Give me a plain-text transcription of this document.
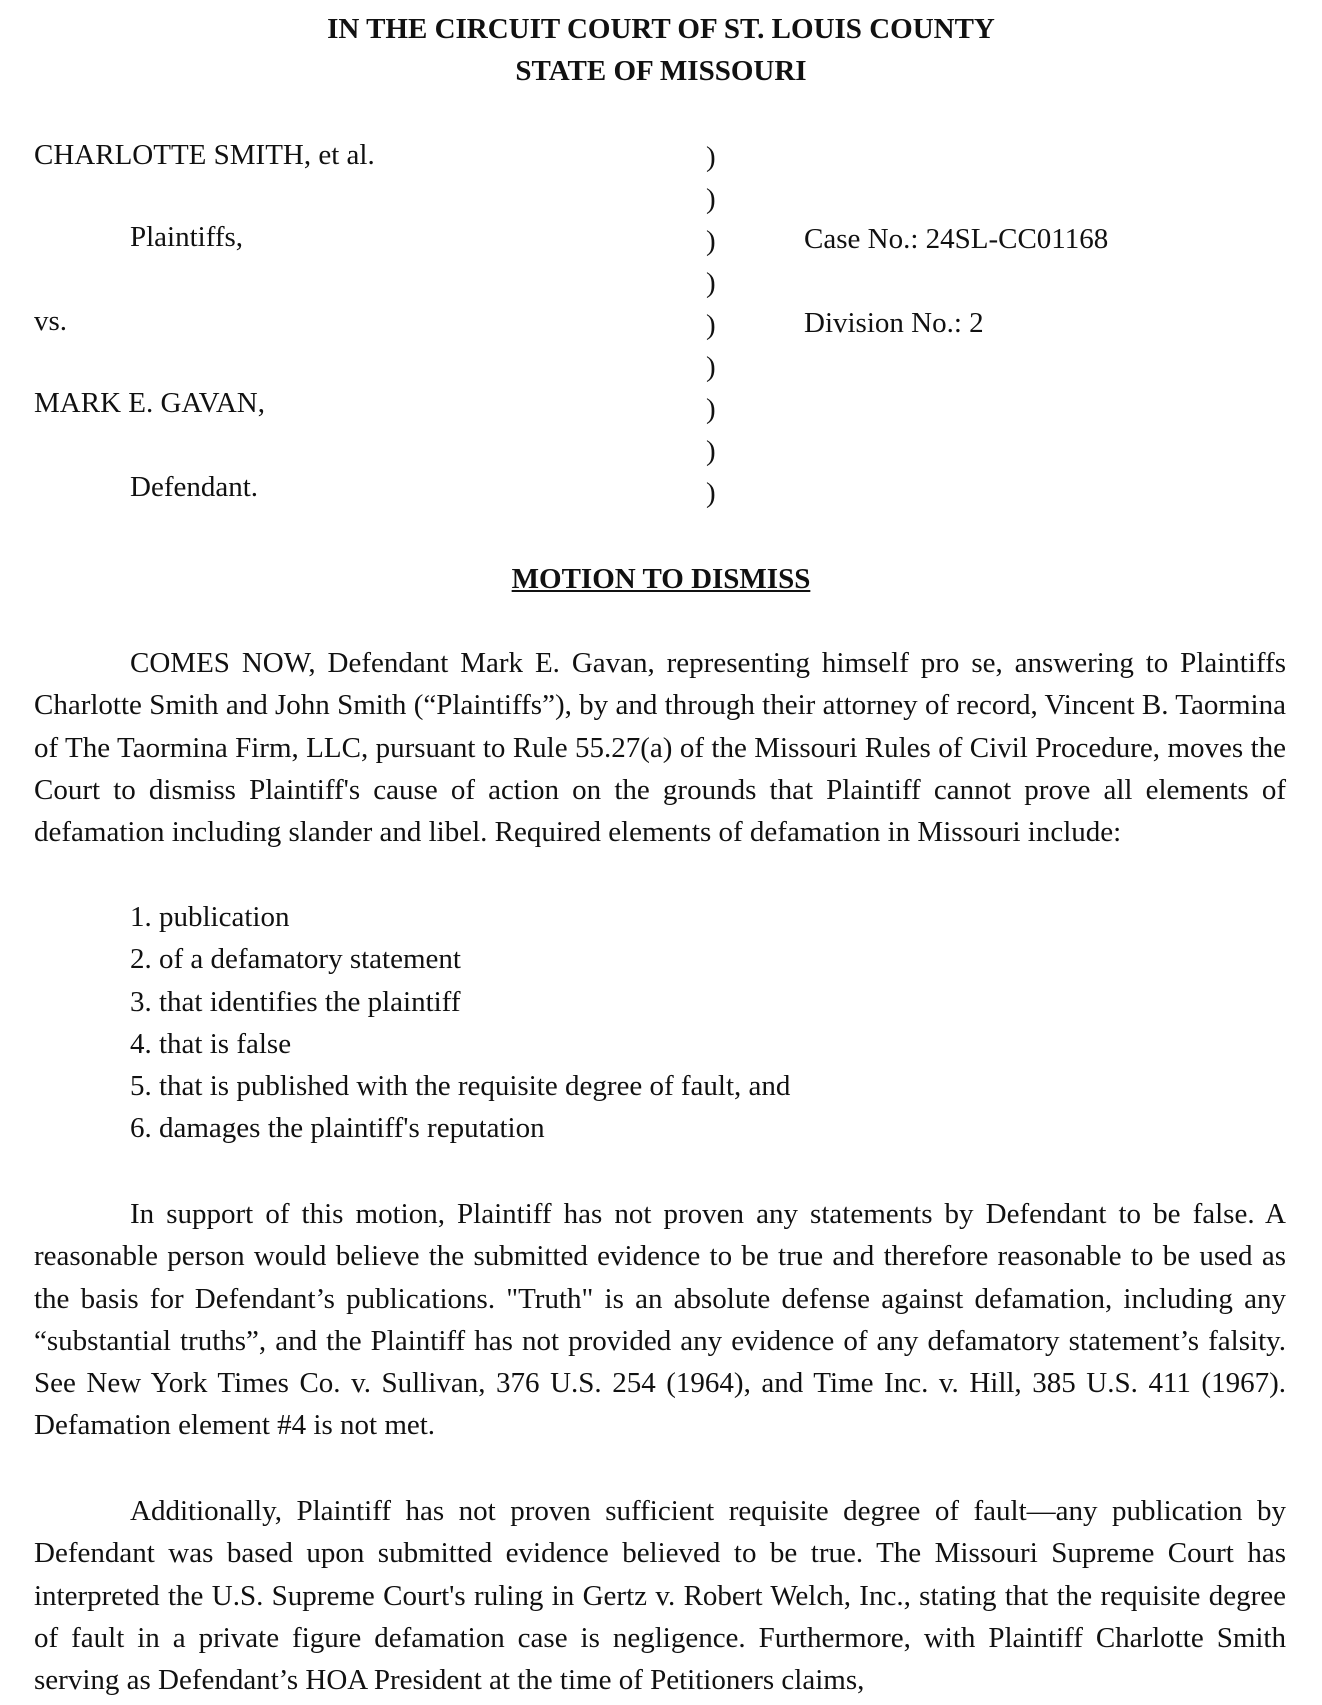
IN THE CIRCUIT COURT OF ST. LOUIS COUNTY
STATE OF MISSOURI
CHARLOTTE SMITH, et al.
Plaintiffs,
vs.
MARK E. GAVAN,
Defendant.
)
)
)
)
)
)
)
)
)
Case No.: 24SL-CC01168
Division No.: 2
MOTION TO DISMISS

COMES NOW, Defendant Mark E. Gavan, representing himself pro se, answering to Plaintiffs Charlotte Smith and John Smith (“Plaintiffs”), by and through their attorney of record, Vincent B. Taormina of The Taormina Firm, LLC, pursuant to Rule 55.27(a) of the Missouri Rules of Civil Procedure, moves the Court to dismiss Plaintiff's cause of action on the grounds that Plaintiff cannot prove all elements of defamation including slander and libel. Required elements of defamation in Missouri include:

1. publication
2. of a defamatory statement
3. that identifies the plaintiff
4. that is false
5. that is published with the requisite degree of fault, and
6. damages the plaintiff's reputation

In support of this motion, Plaintiff has not proven any statements by Defendant to be false. A reasonable person would believe the submitted evidence to be true and therefore reasonable to be used as the basis for Defendant’s publications. "Truth" is an absolute defense against defamation, including any “substantial truths”, and the Plaintiff has not provided any evidence of any defamatory statement’s falsity. See New York Times Co. v. Sullivan, 376 U.S. 254 (1964), and Time Inc. v. Hill, 385 U.S. 411 (1967). Defamation element #4 is not met.

Additionally, Plaintiff has not proven sufficient requisite degree of fault—any publication by Defendant was based upon submitted evidence believed to be true. The Missouri Supreme Court has interpreted the U.S. Supreme Court's ruling in Gertz v. Robert Welch, Inc., stating that the requisite degree of fault in a private figure defamation case is negligence. Furthermore, with Plaintiff Charlotte Smith serving as Defendant’s HOA President at the time of Petitioners claims,
